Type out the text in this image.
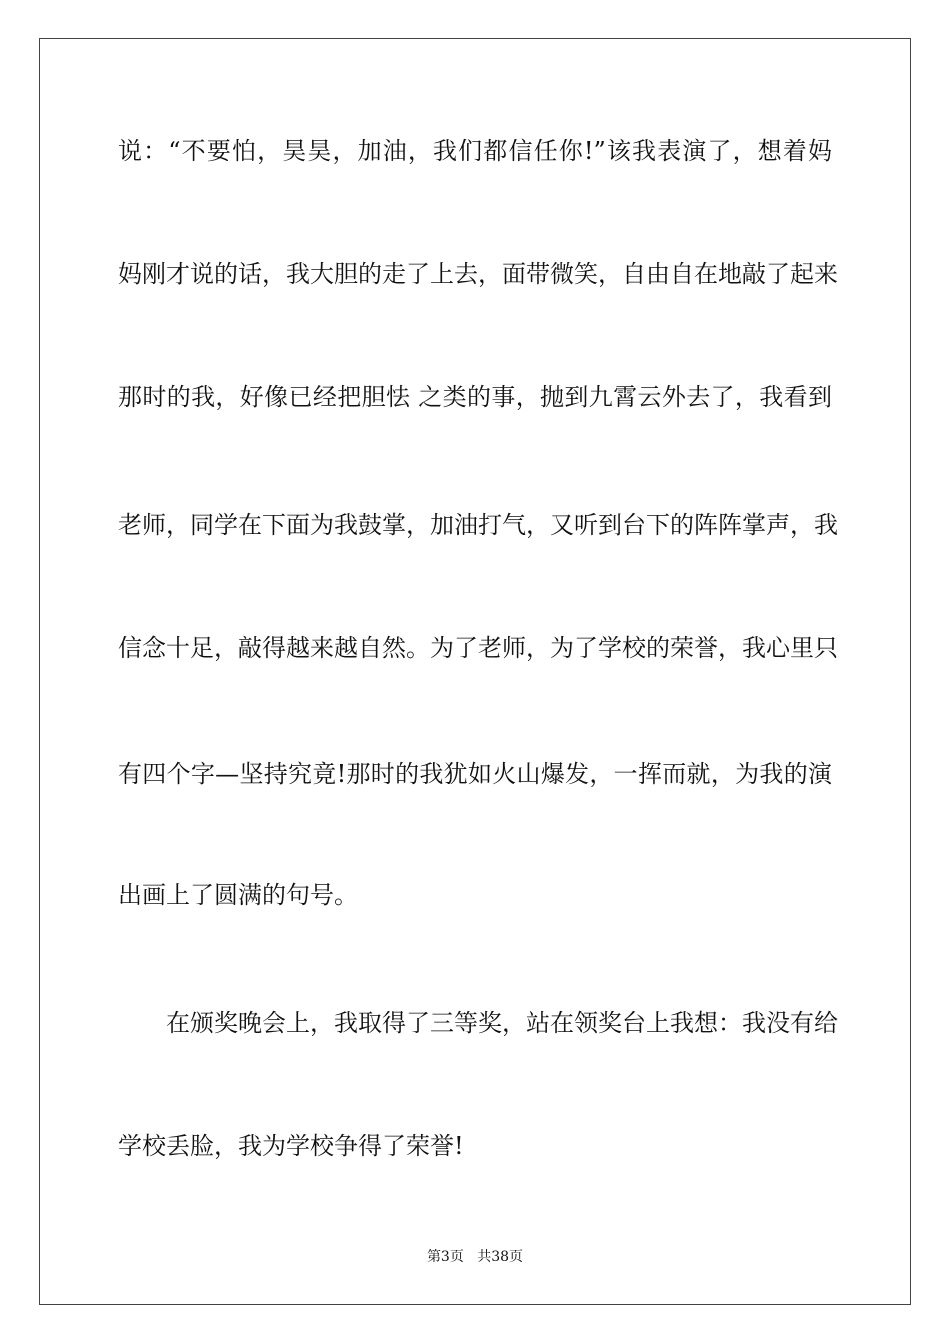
说：“不要怕，昊昊，加油，我们都信任你!”该我表演了，想着妈
妈刚才说的话，我大胆的走了上去，面带微笑，自由自在地敲了起来
那时的我，好像已经把胆怯 之类的事，抛到九霄云外去了，我看到
老师，同学在下面为我鼓掌，加油打气，又听到台下的阵阵掌声，我
信念十足，敲得越来越自然。为了老师，为了学校的荣誉，我心里只
有四个字—坚持究竟!那时的我犹如火山爆发，一挥而就，为我的演
出画上了圆满的句号。
在颁奖晚会上，我取得了三等奖，站在领奖台上我想：我没有给
学校丢脸，我为学校争得了荣誉!
第3页 共38页
